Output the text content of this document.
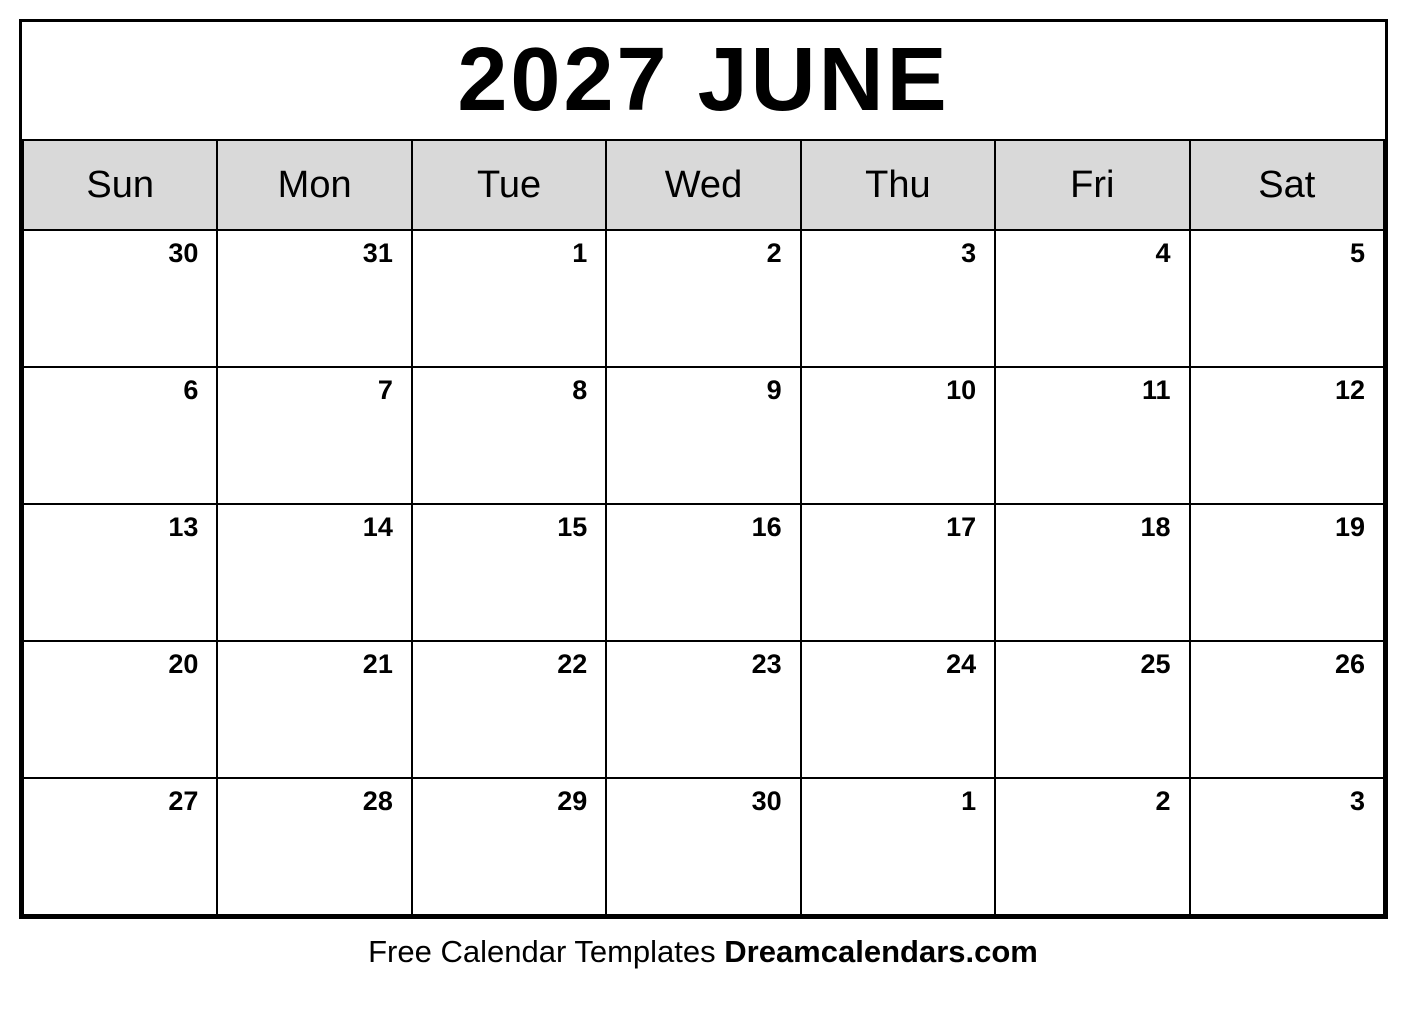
2027 JUNE
Sun	Mon	Tue	Wed	Thu	Fri	Sat
30	31	1	2	3	4	5
6	7	8	9	10	11	12
13	14	15	16	17	18	19
20	21	22	23	24	25	26
27	28	29	30	1	2	3
Free Calendar Templates Dreamcalendars.com
